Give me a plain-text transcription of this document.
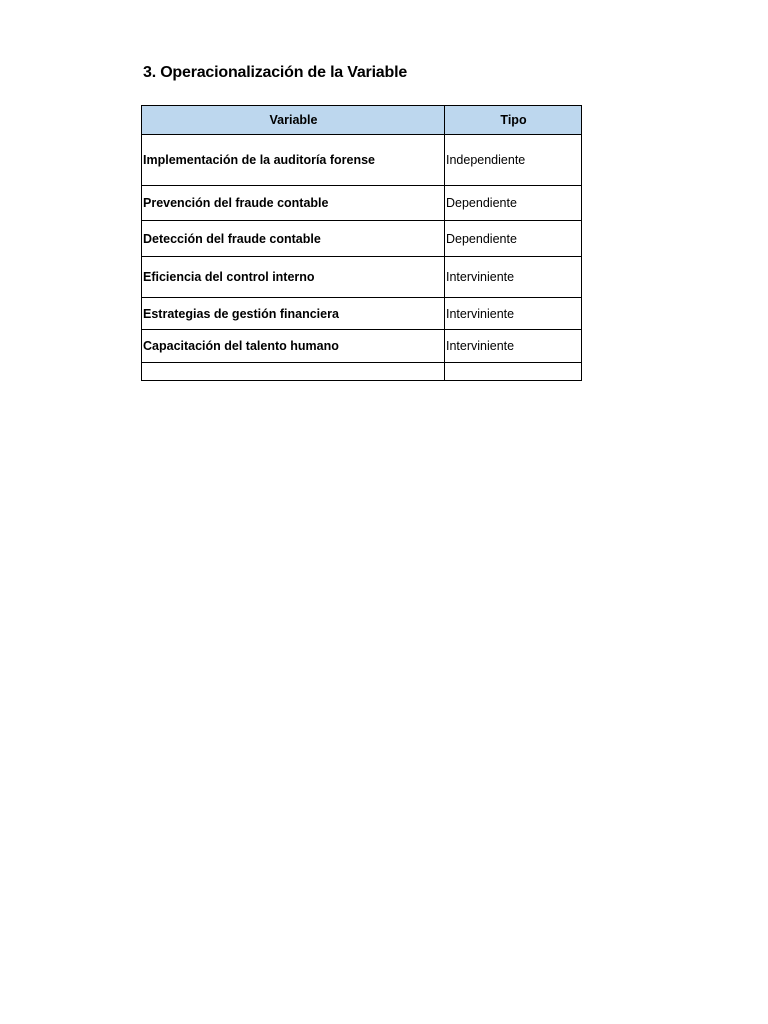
3. Operacionalización de la Variable
Variable	Tipo
Implementación de la auditoría forense	Independiente
Prevención del fraude contable	Dependiente
Detección del fraude contable	Dependiente
Eficiencia del control interno	Interviniente
Estrategias de gestión financiera	Interviniente
Capacitación del talento humano	Interviniente
